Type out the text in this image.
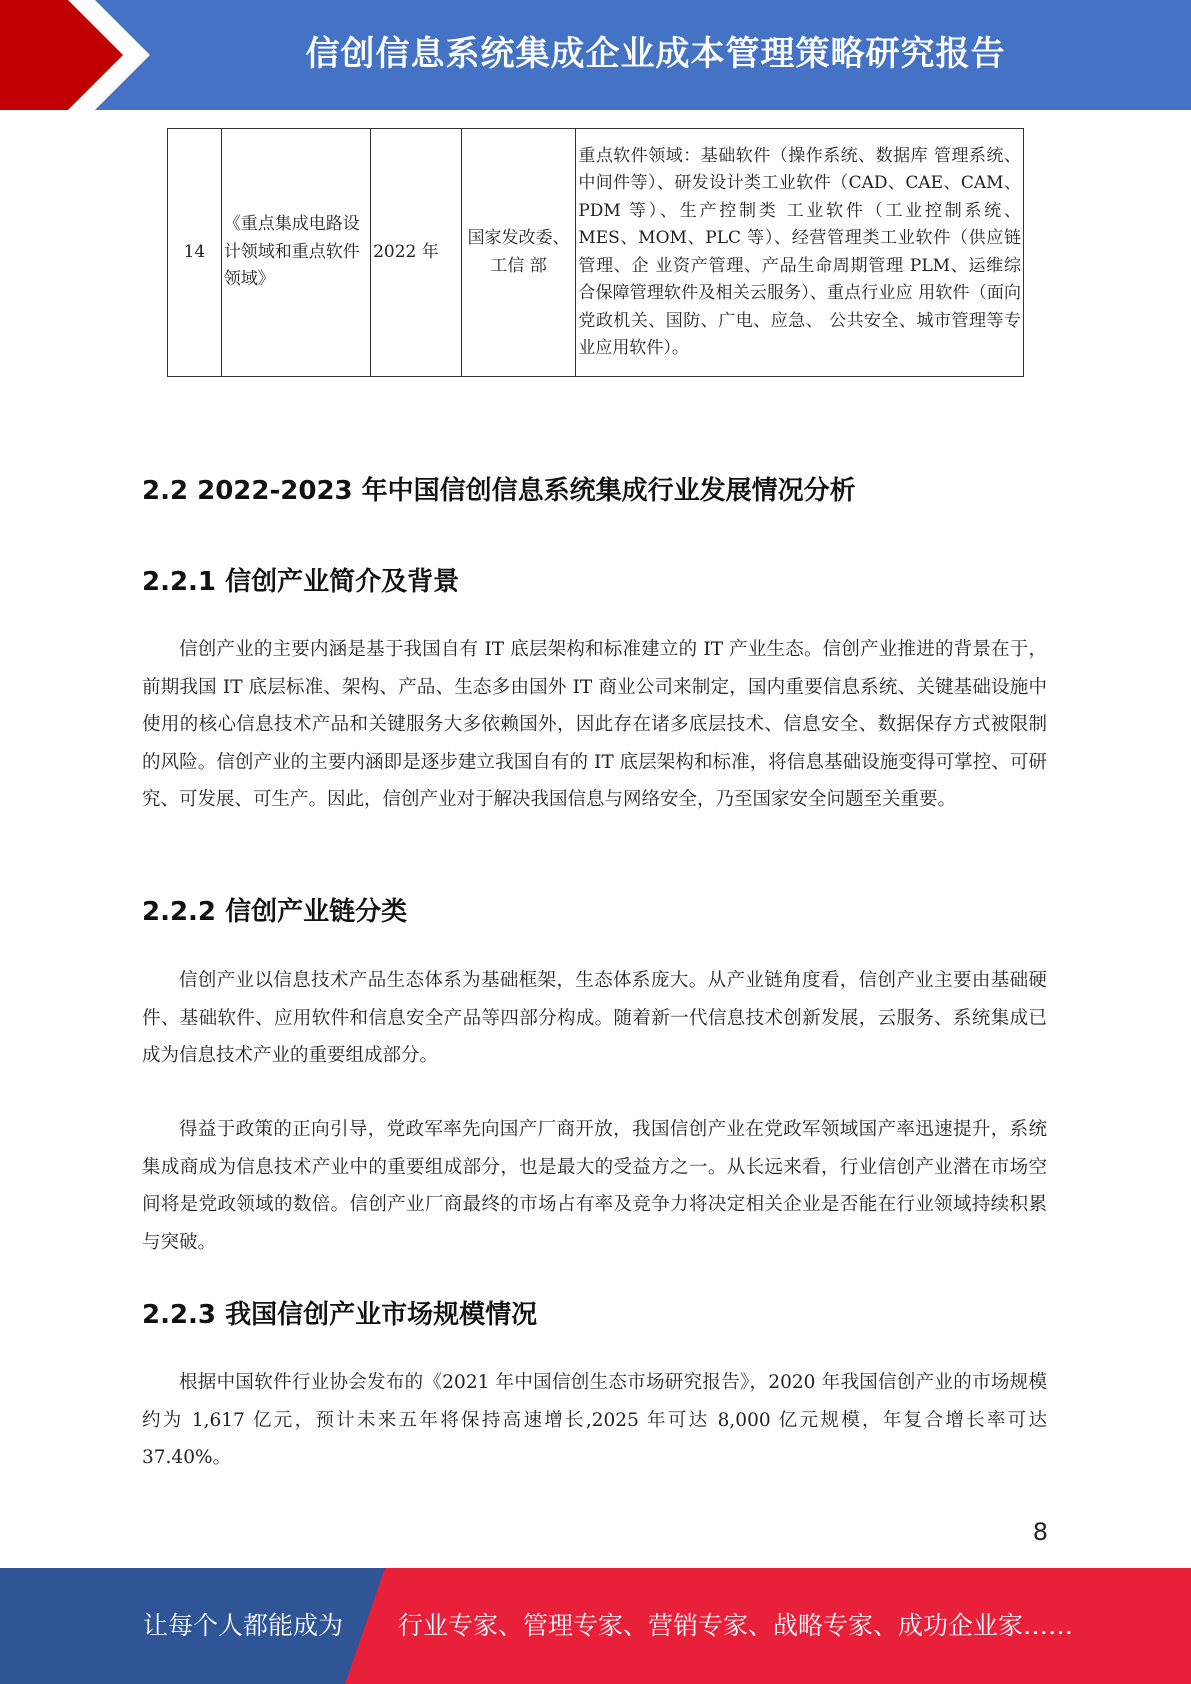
信创信息系统集成企业成本管理策略研究报告
14	《重点集成电路设计领域和重点软件领域》	2022 年	国家发改委、工信 部	重点软件领域：基础软件（操作系统、数据库 管理系统、中间件等）、研发设计类工业软件（CAD、CAE、CAM、PDM 等）、生产控制类 工业软件（工业控制系统、MES、MOM、PLC 等）、经营管理类工业软件（供应链管理、企 业资产管理、产品生命周期管理 PLM、运维综 合保障管理软件及相关云服务）、重点行业应 用软件（面向党政机关、国防、广电、应急、 公共安全、城市管理等专业应用软件）。
2.2 2022-2023 年中国信创信息系统集成行业发展情况分析
2.2.1 信创产业简介及背景

信创产业的主要内涵是基于我国自有 IT 底层架构和标准建立的 IT 产业生态。信创产业推进的背景在于，前期我国 IT 底层标准、架构、产品、生态多由国外 IT 商业公司来制定，国内重要信息系统、关键基础设施中使用的核心信息技术产品和关键服务大多依赖国外，因此存在诸多底层技术、信息安全、数据保存方式被限制的风险。信创产业的主要内涵即是逐步建立我国自有的 IT 底层架构和标准，将信息基础设施变得可掌控、可研究、可发展、可生产。因此，信创产业对于解决我国信息与网络安全，乃至国家安全问题至关重要。

2.2.2 信创产业链分类

信创产业以信息技术产品生态体系为基础框架，生态体系庞大。从产业链角度看，信创产业主要由基础硬件、基础软件、应用软件和信息安全产品等四部分构成。随着新一代信息技术创新发展，云服务、系统集成已成为信息技术产业的重要组成部分。

得益于政策的正向引导，党政军率先向国产厂商开放，我国信创产业在党政军领域国产率迅速提升，系统集成商成为信息技术产业中的重要组成部分，也是最大的受益方之一。从长远来看，行业信创产业潜在市场空间将是党政领域的数倍。信创产业厂商最终的市场占有率及竞争力将决定相关企业是否能在行业领域持续积累与突破。

2.2.3 我国信创产业市场规模情况

根据中国软件行业协会发布的《2021 年中国信创生态市场研究报告》，2020 年我国信创产业的市场规模约为 1,617 亿元，预计未来五年将保持高速增长,2025 年可达 8,000 亿元规模，年复合增长率可达 37.40%。

8
让每个人都能成为 行业专家、管理专家、营销专家、战略专家、成功企业家……
